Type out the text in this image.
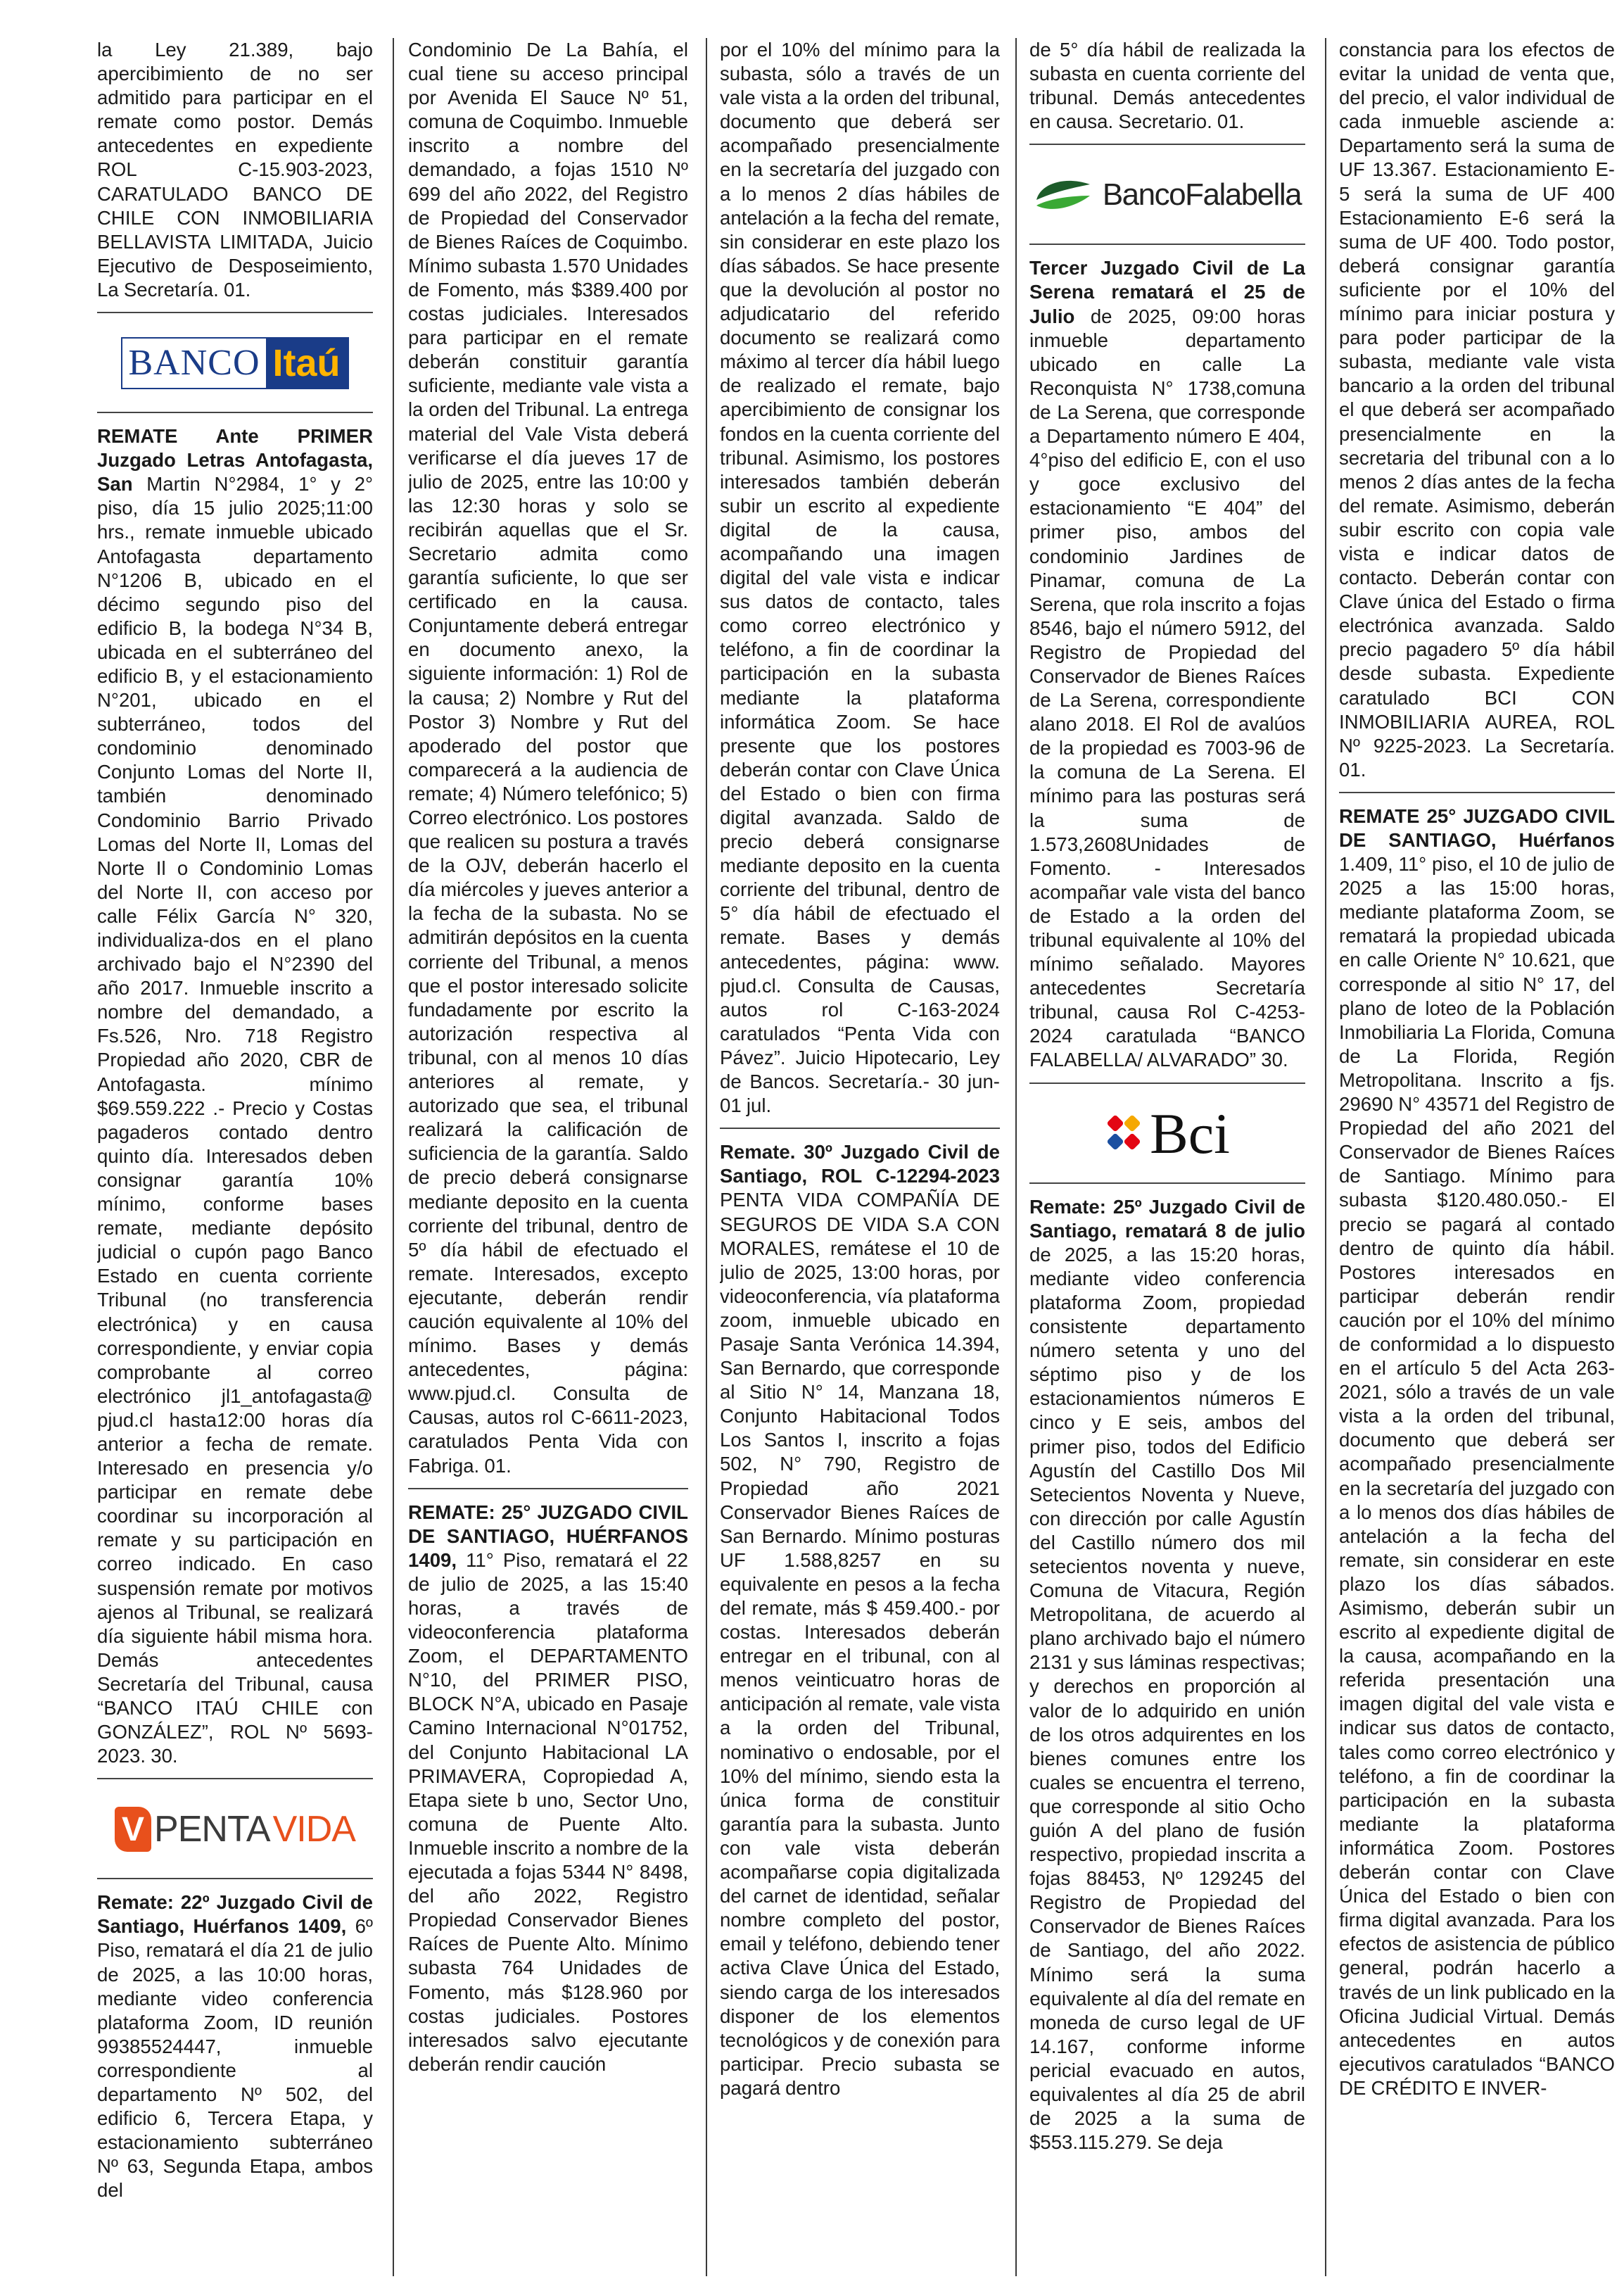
la Ley 21.389, bajo apercibimiento de no ser admitido para participar en el remate como postor. Demás antecedentes en expediente ROL C-15.903-2023, CARATULADO BANCO DE CHILE CON INMOBILIARIA BELLAVISTA LIMITADA, Juicio Ejecutivo de Desposeimiento, La Secretaría. 01.

BANCO Itaú

REMATE Ante PRIMER Juzgado Letras Antofagasta, San Martin N°2984, 1° y 2° piso, día 15 julio 2025;11:00 hrs., remate inmueble ubicado Antofagasta departamento N°1206 B, ubicado en el décimo segundo piso del edificio B, la bodega N°34 B, ubicada en el subterráneo del edificio B, y el estacionamiento N°201, ubicado en el subterráneo, todos del condominio denominado Conjunto Lomas del Norte II, también denominado Condominio Barrio Privado Lomas del Norte II, Lomas del Norte Il o Condominio Lomas del Norte II, con acceso por calle Félix García N° 320, individualiza-dos en el plano archivado bajo el N°2390 del año 2017. Inmueble inscrito a nombre del demandado, a Fs.526, Nro. 718 Registro Propiedad año 2020, CBR de Antofagasta. mínimo $69.559.222 .- Precio y Costas pagaderos contado dentro quinto día. Interesados deben consignar garantía 10% mínimo, conforme bases remate, mediante depósito judicial o cupón pago Banco Estado en cuenta corriente Tribunal (no transferencia electrónica) y en causa correspondiente, y enviar copia comprobante al correo electrónico jl1_antofagasta@ pjud.cl hasta12:00 horas día anterior a fecha de remate. Interesado en presencia y/o participar en remate debe coordinar su incorporación al remate y su participación en correo indicado. En caso suspensión remate por motivos ajenos al Tribunal, se realizará día siguiente hábil misma hora. Demás antecedentes Secretaría del Tribunal, causa “BANCO ITAÚ CHILE con GONZÁLEZ”, ROL Nº 5693-2023. 30.

V PENTA VIDA

Remate: 22º Juzgado Civil de Santiago, Huérfanos 1409, 6º Piso, rematará el día 21 de julio de 2025, a las 10:00 horas, mediante video conferencia plataforma Zoom, ID reunión 99385524447, inmueble correspondiente al departamento Nº 502, del edificio 6, Tercera Etapa, y estacionamiento subterráneo Nº 63, Segunda Etapa, ambos del

Condominio De La Bahía, el cual tiene su acceso principal por Avenida El Sauce Nº 51, comuna de Coquimbo. Inmueble inscrito a nombre del demandado, a fojas 1510 Nº 699 del año 2022, del Registro de Propiedad del Conservador de Bienes Raíces de Coquimbo. Mínimo subasta 1.570 Unidades de Fomento, más $389.400 por costas judiciales. Interesados para participar en el remate deberán constituir garantía suficiente, mediante vale vista a la orden del Tribunal. La entrega material del Vale Vista deberá verificarse el día jueves 17 de julio de 2025, entre las 10:00 y las 12:30 horas y solo se recibirán aquellas que el Sr. Secretario admita como garantía suficiente, lo que ser certificado en la causa. Conjuntamente deberá entregar en documento anexo, la siguiente información: 1) Rol de la causa; 2) Nombre y Rut del Postor 3) Nombre y Rut del apoderado del postor que comparecerá a la audiencia de remate; 4) Número telefónico; 5) Correo electrónico. Los postores que realicen su postura a través de la OJV, deberán hacerlo el día miércoles y jueves anterior a la fecha de la subasta. No se admitirán depósitos en la cuenta corriente del Tribunal, a menos que el postor interesado solicite fundadamente por escrito la autorización respectiva al tribunal, con al menos 10 días anteriores al remate, y autorizado que sea, el tribunal realizará la calificación de suficiencia de la garantía. Saldo de precio deberá consignarse mediante deposito en la cuenta corriente del tribunal, dentro de 5º día hábil de efectuado el remate. Interesados, excepto ejecutante, deberán rendir caución equivalente al 10% del mínimo. Bases y demás antecedentes, página: www.pjud.cl. Consulta de Causas, autos rol C-6611-2023, caratulados Penta Vida con Fabriga. 01.

REMATE: 25° JUZGADO CIVIL DE SANTIAGO, HUÉRFANOS 1409, 11° Piso, rematará el 22 de julio de 2025, a las 15:40 horas, a través de videoconferencia plataforma Zoom, el DEPARTAMENTO N°10, del PRIMER PISO, BLOCK N°A, ubicado en Pasaje Camino Internacional N°01752, del Conjunto Habitacional LA PRIMAVERA, Copropiedad A, Etapa siete b uno, Sector Uno, comuna de Puente Alto. Inmueble inscrito a nombre de la ejecutada a fojas 5344 N° 8498, del año 2022, Registro Propiedad Conservador Bienes Raíces de Puente Alto. Mínimo subasta 764 Unidades de Fomento, más $128.960 por costas judiciales. Postores interesados salvo ejecutante deberán rendir caución

por el 10% del mínimo para la subasta, sólo a través de un vale vista a la orden del tribunal, documento que deberá ser acompañado presencialmente en la secretaría del juzgado con a lo menos 2 días hábiles de antelación a la fecha del remate, sin considerar en este plazo los días sábados. Se hace presente que la devolución al postor no adjudicatario del referido documento se realizará como máximo al tercer día hábil luego de realizado el remate, bajo apercibimiento de consignar los fondos en la cuenta corriente del tribunal. Asimismo, los postores interesados también deberán subir un escrito al expediente digital de la causa, acompañando una imagen digital del vale vista e indicar sus datos de contacto, tales como correo electrónico y teléfono, a fin de coordinar la participación en la subasta mediante la plataforma informática Zoom. Se hace presente que los postores deberán contar con Clave Única del Estado o bien con firma digital avanzada. Saldo de precio deberá consignarse mediante deposito en la cuenta corriente del tribunal, dentro de 5° día hábil de efectuado el remate. Bases y demás antecedentes, página: www. pjud.cl. Consulta de Causas, autos rol C-163-2024 caratulados “Penta Vida con Pávez”. Juicio Hipotecario, Ley de Bancos. Secretaría.- 30 jun-01 jul.

Remate. 30º Juzgado Civil de Santiago, ROL C-12294-2023 PENTA VIDA COMPAÑÍA DE SEGUROS DE VIDA S.A CON MORALES, remátese el 10 de julio de 2025, 13:00 horas, por videoconferencia, vía plataforma zoom, inmueble ubicado en Pasaje Santa Verónica 14.394, San Bernardo, que corresponde al Sitio N° 14, Manzana 18, Conjunto Habitacional Todos Los Santos I, inscrito a fojas 502, N° 790, Registro de Propiedad año 2021 Conservador Bienes Raíces de San Bernardo. Mínimo posturas UF 1.588,8257 en su equivalente en pesos a la fecha del remate, más $ 459.400.- por costas. Interesados deberán entregar en el tribunal, con al menos veinticuatro horas de anticipación al remate, vale vista a la orden del Tribunal, nominativo o endosable, por el 10% del mínimo, siendo esta la única forma de constituir garantía para la subasta. Junto con vale vista deberán acompañarse copia digitalizada del carnet de identidad, señalar nombre completo del postor, email y teléfono, debiendo tener activa Clave Única del Estado, siendo carga de los interesados disponer de los elementos tecnológicos y de conexión para participar. Precio subasta se pagará dentro

de 5° día hábil de realizada la subasta en cuenta corriente del tribunal. Demás antecedentes en causa. Secretario. 01.

BancoFalabella

Tercer Juzgado Civil de La Serena rematará el 25 de Julio de 2025, 09:00 horas inmueble departamento ubicado en calle La Reconquista N° 1738,comuna de La Serena, que corresponde a Departamento número E 404, 4°piso del edificio E, con el uso y goce exclusivo del estacionamiento “E 404” del primer piso, ambos del condominio Jardines de Pinamar, comuna de La Serena, que rola inscrito a fojas 8546, bajo el número 5912, del Registro de Propiedad del Conservador de Bienes Raíces de La Serena, correspondiente alano 2018. El Rol de avalúos de la propiedad es 7003-96 de la comuna de La Serena. El mínimo para las posturas será la suma de 1.573,2608Unidades de Fomento. - Interesados acompañar vale vista del banco de Estado a la orden del tribunal equivalente al 10% del mínimo señalado. Mayores antecedentes Secretaría tribunal, causa Rol C-4253-2024 caratulada “BANCO FALABELLA/ ALVARADO” 30.

Bci

Remate: 25º Juzgado Civil de Santiago, rematará 8 de julio de 2025, a las 15:20 horas, mediante video conferencia plataforma Zoom, propiedad consistente departamento número setenta y uno del séptimo piso y de los estacionamientos números E cinco y E seis, ambos del primer piso, todos del Edificio Agustín del Castillo Dos Mil Setecientos Noventa y Nueve, con dirección por calle Agustín del Castillo número dos mil setecientos noventa y nueve, Comuna de Vitacura, Región Metropolitana, de acuerdo al plano archivado bajo el número 2131 y sus láminas respectivas; y derechos en proporción al valor de lo adquirido en unión de los otros adquirentes en los bienes comunes entre los cuales se encuentra el terreno, que corresponde al sitio Ocho guión A del plano de fusión respectivo, propiedad inscrita a fojas 88453, Nº 129245 del Registro de Propiedad del Conservador de Bienes Raíces de Santiago, del año 2022. Mínimo será la suma equivalente al día del remate en moneda de curso legal de UF 14.167, conforme informe pericial evacuado en autos, equivalentes al día 25 de abril de 2025 a la suma de $553.115.279. Se deja

constancia para los efectos de evitar la unidad de venta que, del precio, el valor individual de cada inmueble asciende a: Departamento será la suma de UF 13.367. Estacionamiento E-5 será la suma de UF 400 Estacionamiento E-6 será la suma de UF 400. Todo postor, deberá consignar garantía suficiente por el 10% del mínimo para iniciar postura y para poder participar de la subasta, mediante vale vista bancario a la orden del tribunal el que deberá ser acompañado presencialmente en la secretaria del tribunal con a lo menos 2 días antes de la fecha del remate. Asimismo, deberán subir escrito con copia vale vista e indicar datos de contacto. Deberán contar con Clave única del Estado o firma electrónica avanzada. Saldo precio pagadero 5º día hábil desde subasta. Expediente caratulado BCI CON INMOBILIARIA AUREA, ROL Nº 9225-2023. La Secretaría. 01.

REMATE 25° JUZGADO CIVIL DE SANTIAGO, Huérfanos 1.409, 11° piso, el 10 de julio de 2025 a las 15:00 horas, mediante plataforma Zoom, se rematará la propiedad ubicada en calle Oriente N° 10.621, que corresponde al sitio N° 17, del plano de loteo de la Población Inmobiliaria La Florida, Comuna de La Florida, Región Metropolitana. Inscrito a fjs. 29690 N° 43571 del Registro de Propiedad del año 2021 del Conservador de Bienes Raíces de Santiago. Mínimo para subasta $120.480.050.- El precio se pagará al contado dentro de quinto día hábil. Postores interesados en participar deberán rendir caución por el 10% del mínimo de conformidad a lo dispuesto en el artículo 5 del Acta 263-2021, sólo a través de un vale vista a la orden del tribunal, documento que deberá ser acompañado presencialmente en la secretaría del juzgado con a lo menos dos días hábiles de antelación a la fecha del remate, sin considerar en este plazo los días sábados. Asimismo, deberán subir un escrito al expediente digital de la causa, acompañando en la referida presentación una imagen digital del vale vista e indicar sus datos de contacto, tales como correo electrónico y teléfono, a fin de coordinar la participación en la subasta mediante la plataforma informática Zoom. Postores deberán contar con Clave Única del Estado o bien con firma digital avanzada. Para los efectos de asistencia de público general, podrán hacerlo a través de un link publicado en la Oficina Judicial Virtual. Demás antecedentes en autos ejecutivos caratulados “BANCO DE CRÉDITO E INVER-
